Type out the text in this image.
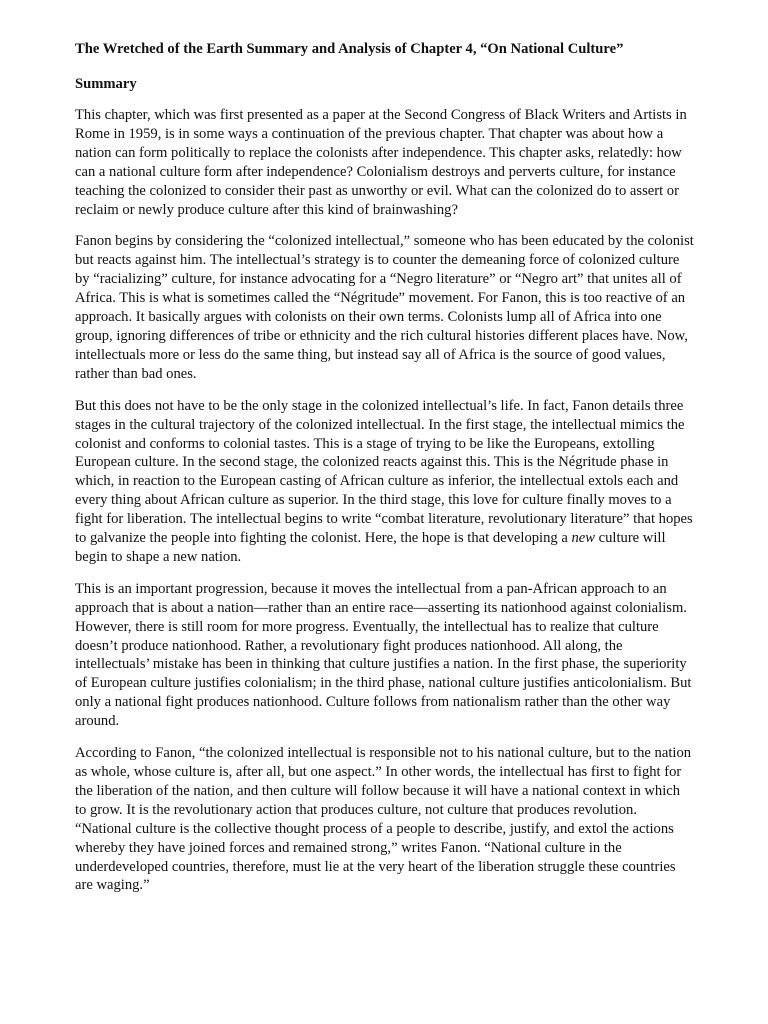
The Wretched of the Earth Summary and Analysis of Chapter 4, “On National Culture”
Summary

This chapter, which was first presented as a paper at the Second Congress of Black Writers and Artists in Rome in 1959, is in some ways a continuation of the previous chapter. That chapter was about how a nation can form politically to replace the colonists after independence. This chapter asks, relatedly: how can a national culture form after independence? Colonialism destroys and perverts culture, for instance teaching the colonized to consider their past as unworthy or evil. What can the colonized do to assert or reclaim or newly produce culture after this kind of brainwashing?

Fanon begins by considering the “colonized intellectual,” someone who has been educated by the colonist but reacts against him. The intellectual’s strategy is to counter the demeaning force of colonized culture by “racializing” culture, for instance advocating for a “Negro literature” or “Negro art” that unites all of Africa. This is what is sometimes called the “Négritude” movement. For Fanon, this is too reactive of an approach. It basically argues with colonists on their own terms. Colonists lump all of Africa into one group, ignoring differences of tribe or ethnicity and the rich cultural histories different places have. Now, intellectuals more or less do the same thing, but instead say all of Africa is the source of good values, rather than bad ones.

But this does not have to be the only stage in the colonized intellectual’s life. In fact, Fanon details three stages in the cultural trajectory of the colonized intellectual. In the first stage, the intellectual mimics the colonist and conforms to colonial tastes. This is a stage of trying to be like the Europeans, extolling European culture. In the second stage, the colonized reacts against this. This is the Négritude phase in which, in reaction to the European casting of African culture as inferior, the intellectual extols each and every thing about African culture as superior. In the third stage, this love for culture finally moves to a fight for liberation. The intellectual begins to write “combat literature, revolutionary literature” that hopes to galvanize the people into fighting the colonist. Here, the hope is that developing a new culture will begin to shape a new nation.

This is an important progression, because it moves the intellectual from a pan-African approach to an approach that is about a nation—rather than an entire race—asserting its nationhood against colonialism. However, there is still room for more progress. Eventually, the intellectual has to realize that culture doesn’t produce nationhood. Rather, a revolutionary fight produces nationhood. All along, the intellectuals’ mistake has been in thinking that culture justifies a nation. In the first phase, the superiority of European culture justifies colonialism; in the third phase, national culture justifies anticolonialism. But only a national fight produces nationhood. Culture follows from nationalism rather than the other way around.

According to Fanon, “the colonized intellectual is responsible not to his national culture, but to the nation as whole, whose culture is, after all, but one aspect.” In other words, the intellectual has first to fight for the liberation of the nation, and then culture will follow because it will have a national context in which to grow. It is the revolutionary action that produces culture, not culture that produces revolution. “National culture is the collective thought process of a people to describe, justify, and extol the actions whereby they have joined forces and remained strong,” writes Fanon. “National culture in the underdeveloped countries, therefore, must lie at the very heart of the liberation struggle these countries are waging.”
